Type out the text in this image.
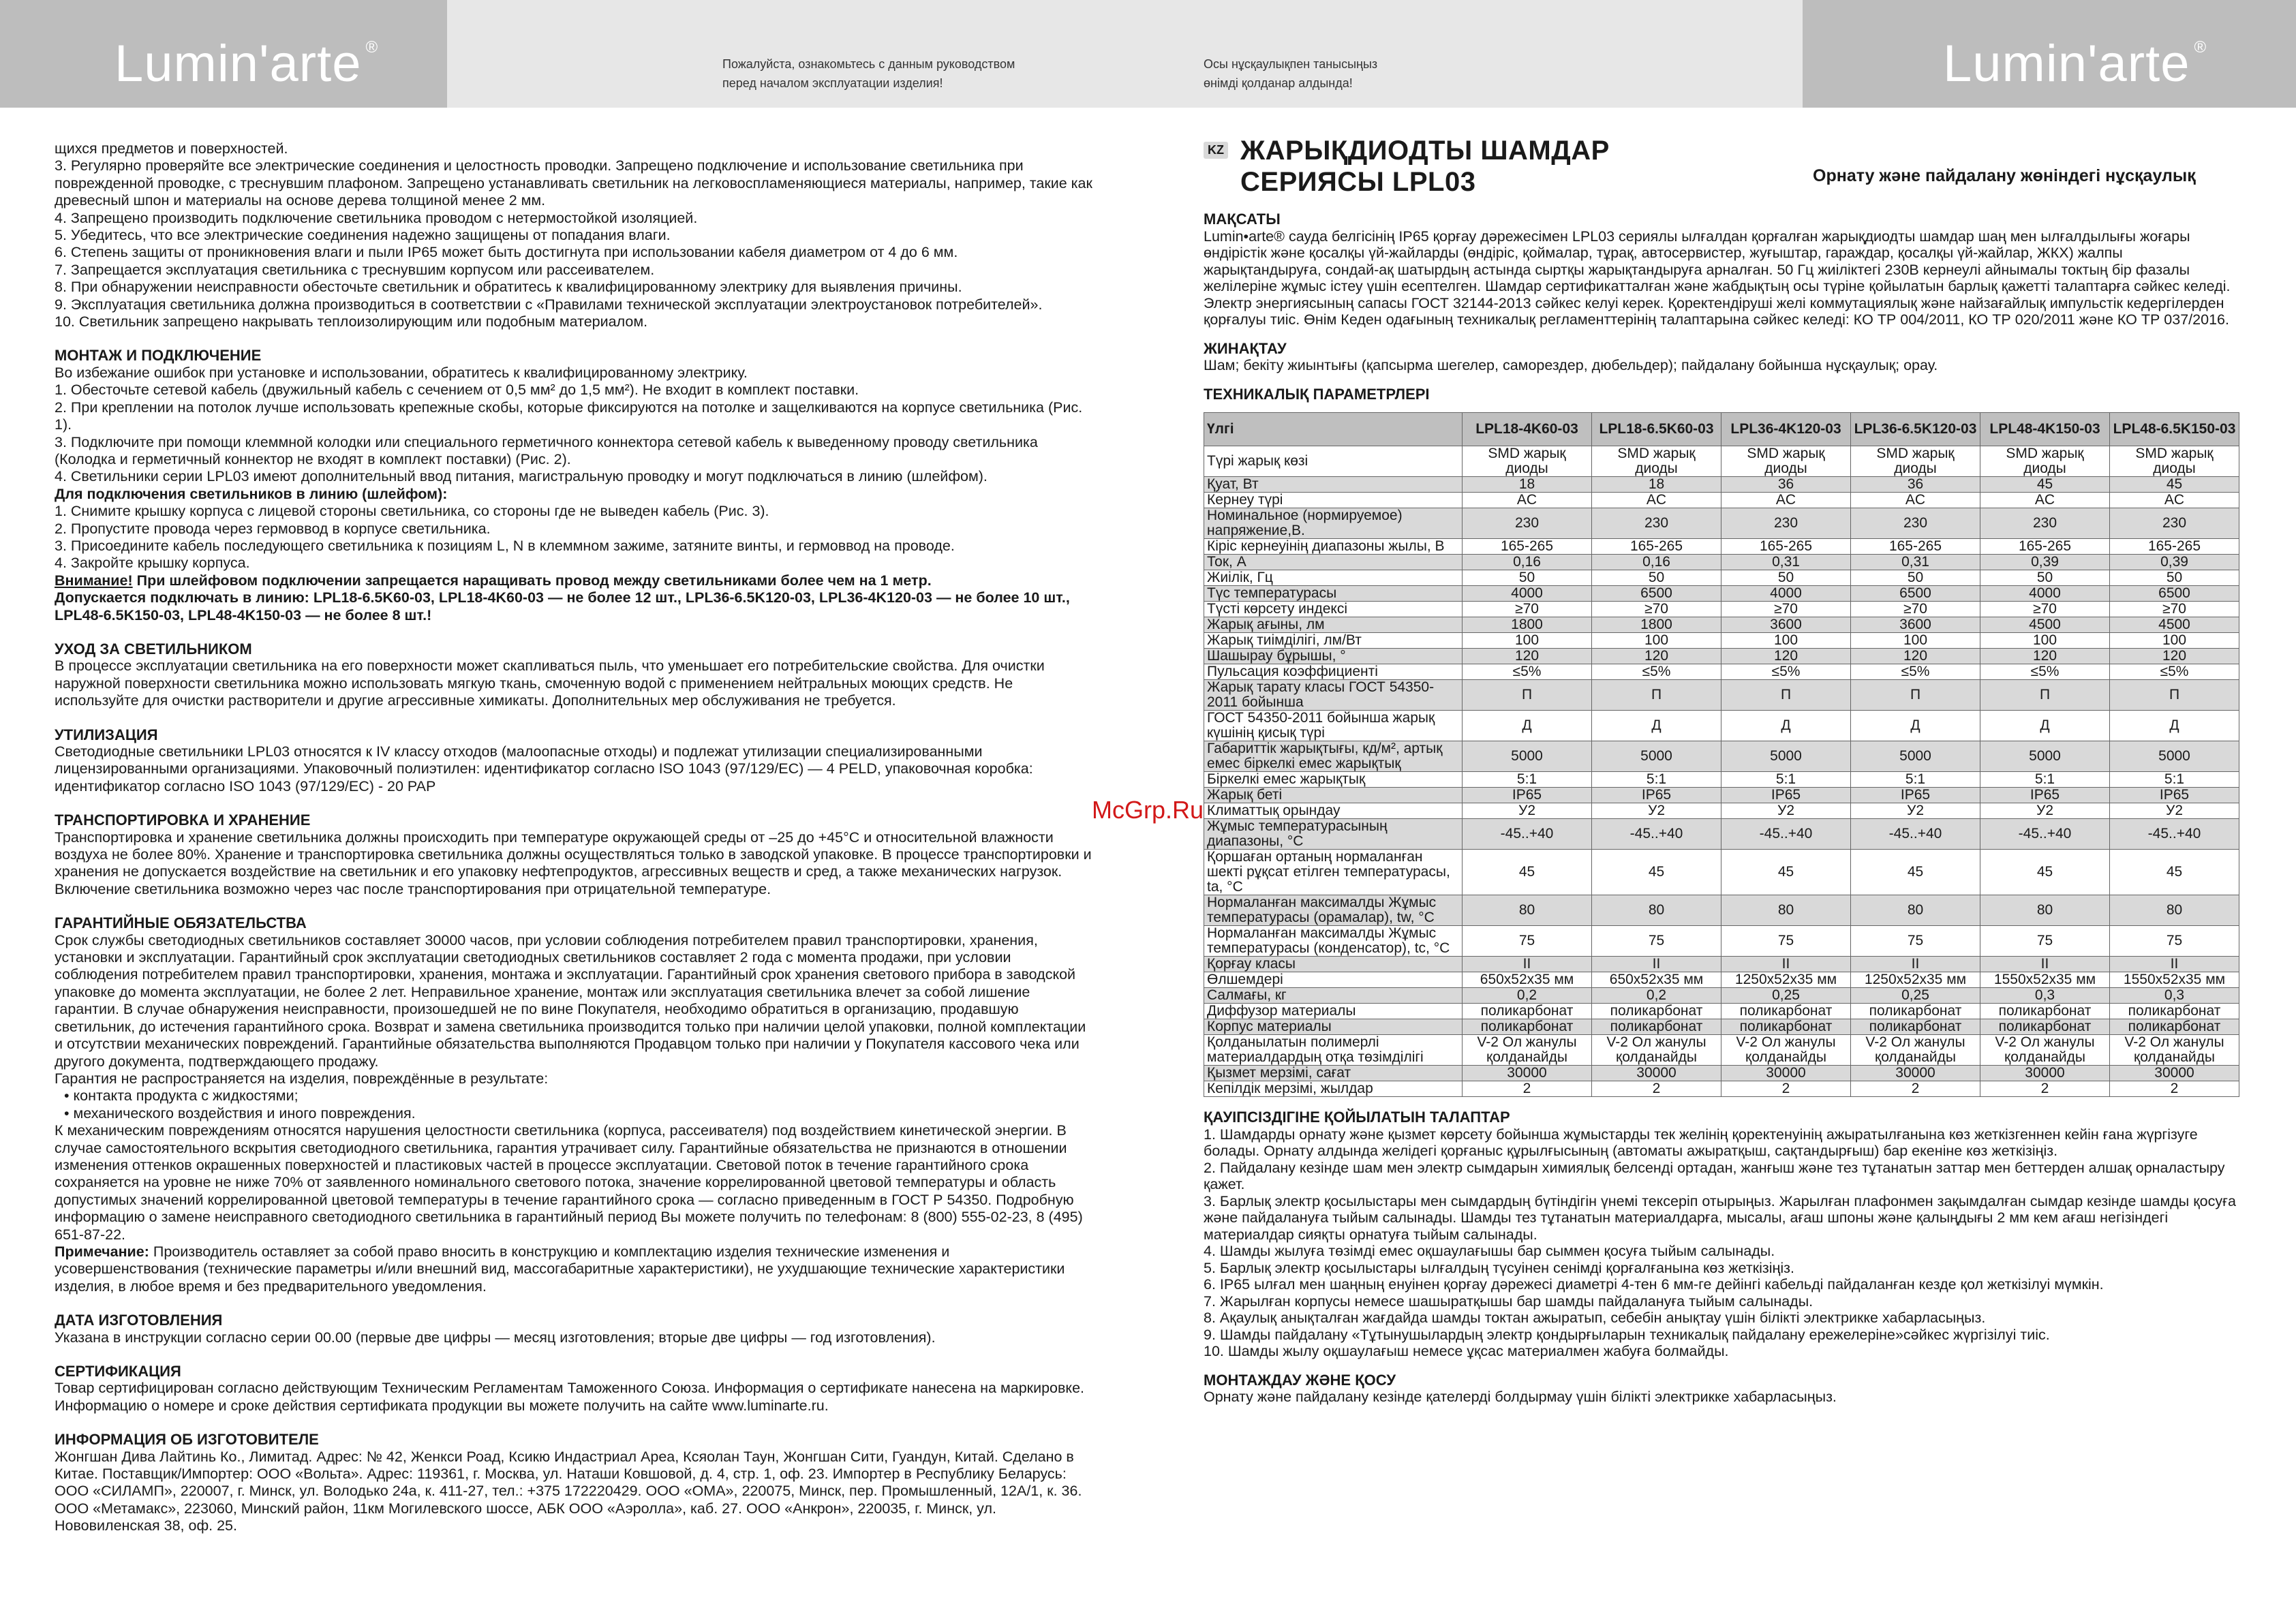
Lumin'arte ®
Пожалуйста, ознакомьтесь с данным руководством
перед началом эксплуатации изделия!
Осы нұсқаулықпен танысыңыз
өнімді қолданар алдында!	Lumin'arte ®

щихся предметов и поверхностей.

3. Регулярно проверяйте все электрические соединения и целостность проводки. Запрещено подключение и использование светильника при поврежденной проводке, с треснувшим плафоном. Запрещено устанавливать светильник на легковоспламеняющиеся материалы, например, такие как древесный шпон и материалы на основе дерева толщиной менее 2 мм.

4. Запрещено производить подключение светильника проводом с нетермостойкой изоляцией.

5. Убедитесь, что все электрические соединения надежно защищены от попадания влаги.

6. Степень защиты от проникновения влаги и пыли IP65 может быть достигнута при использовании кабеля диаметром от 4 до 6 мм.

7. Запрещается эксплуатация светильника с треснувшим корпусом или рассеивателем.

8. При обнаружении неисправности обесточьте светильник и обратитесь к квалифицированному электрику для выявления причины.

9. Эксплуатация светильника должна производиться в соответствии с «Правилами технической эксплуатации электроустановок потребителей».

10. Светильник запрещено накрывать теплоизолирующим или подобным материалом.

МОНТАЖ И ПОДКЛЮЧЕНИЕ

Во избежание ошибок при установке и использовании, обратитесь к квалифицированному электрику.

1. Обесточьте сетевой кабель (двужильный кабель с сечением от 0,5 мм² до 1,5 мм²). Не входит в комплект поставки.

2. При креплении на потолок лучше использовать крепежные скобы, которые фиксируются на потолке и защелкиваются на корпусе светильника (Рис. 1).

3. Подключите при помощи клеммной колодки или специального герметичного коннектора сетевой кабель к выведенному проводу светильника (Колодка и герметичный коннектор не входят в комплект поставки) (Рис. 2).

4. Светильники серии LPL03 имеют дополнительный ввод питания, магистральную проводку и могут подключаться в линию (шлейфом).

Для подключения светильников в линию (шлейфом):

1. Снимите крышку корпуса с лицевой стороны светильника, со стороны где не выведен кабель (Рис. 3).

2. Пропустите провода через гермоввод в корпусе светильника.

3. Присоедините кабель последующего светильника к позициям L, N в клеммном зажиме, затяните винты, и гермоввод на проводе.

4. Закройте крышку корпуса.

Внимание! При шлейфовом подключении запрещается наращивать провод между светильниками более чем на 1 метр.

Допускается подключать в линию: LPL18-6.5K60-03, LPL18-4K60-03 — не более 12 шт., LPL36-6.5K120-03, LPL36-4K120-03 — не более 10 шт., LPL48-6.5K150-03, LPL48-4K150-03 — не более 8 шт.!

УХОД ЗА СВЕТИЛЬНИКОМ

В процессе эксплуатации светильника на его поверхности может скапливаться пыль, что уменьшает его потребительские свойства. Для очистки наружной поверхности светильника можно использовать мягкую ткань, смоченную водой с применением нейтральных моющих средств. Не используйте для очистки растворители и другие агрессивные химикаты. Дополнительных мер обслуживания не требуется.

УТИЛИЗАЦИЯ

Светодиодные светильники LPL03 относятся к IV классу отходов (малоопасные отходы) и подлежат утилизации специализированными лицензированными организациями. Упаковочный полиэтилен: идентификатор согласно ISO 1043 (97/129/EC) — 4 PELD, упаковочная коробка: идентификатор согласно ISO 1043 (97/129/EC) - 20 PAP

ТРАНСПОРТИРОВКА И ХРАНЕНИЕ

Транспортировка и хранение светильника должны происходить при температуре окружающей среды от –25 до +45°С и относительной влажности воздуха не более 80%. Хранение и транспортировка светильника должны осуществляться только в заводской упаковке. В процессе транспортировки и хранения не допускается воздействие на светильник и его упаковку нефтепродуктов, агрессивных веществ и сред, а также механических нагрузок. Включение светильника возможно через час после транспортирования при отрицательной температуре.

ГАРАНТИЙНЫЕ ОБЯЗАТЕЛЬСТВА

Срок службы светодиодных светильников составляет 30000 часов, при условии соблюдения потребителем правил транспортировки, хранения, установки и эксплуатации. Гарантийный срок эксплуатации светодиодных светильников составляет 2 года с момента продажи, при условии соблюдения потребителем правил транспортировки, хранения, монтажа и эксплуатации. Гарантийный срок хранения светового прибора в заводской упаковке до момента эксплуатации, не более 2 лет. Неправильное хранение, монтаж или эксплуатация светильника влечет за собой лишение гарантии. В случае обнаружения неисправности, произошедшей не по вине Покупателя, необходимо обратиться в организацию, продавшую светильник, до истечения гарантийного срока. Возврат и замена светильника производится только при наличии целой упаковки, полной комплектации и отсутствии механических повреждений. Гарантийные обязательства выполняются Продавцом только при наличии у Покупателя кассового чека или другого документа, подтверждающего продажу.

Гарантия не распространяется на изделия, повреждённые в результате:

• контакта продукта с жидкостями;

• механического воздействия и иного повреждения.

К механическим повреждениям относятся нарушения целостности светильника (корпуса, рассеивателя) под воздействием кинетической энергии. В случае самостоятельного вскрытия светодиодного светильника, гарантия утрачивает силу. Гарантийные обязательства не признаются в отношении изменения оттенков окрашенных поверхностей и пластиковых частей в процессе эксплуатации. Световой поток в течение гарантийного срока сохраняется на уровне не ниже 70% от заявленного номинального светового потока, значение коррелированной цветовой температуры и область допустимых значений коррелированной цветовой температуры в течение гарантийного срока — согласно приведенным в ГОСТ Р 54350. Подробную информацию о замене неисправного светодиодного светильника в гарантийный период Вы можете получить по телефонам: 8 (800) 555-02-23, 8 (495) 651-87-22.

Примечание: Производитель оставляет за собой право вносить в конструкцию и комплектацию изделия технические изменения и усовершенствования (технические параметры и/или внешний вид, массогабаритные характеристики), не ухудшающие технические характеристики изделия, в любое время и без предварительного уведомления.

ДАТА ИЗГОТОВЛЕНИЯ

Указана в инструкции согласно серии 00.00 (первые две цифры — месяц изготовления; вторые две цифры — год изготовления).

СЕРТИФИКАЦИЯ

Товар сертифицирован согласно действующим Техническим Регламентам Таможенного Союза. Информация о сертификате нанесена на маркировке. Информацию о номере и сроке действия сертификата продукции вы можете получить на сайте www.luminarte.ru.

ИНФОРМАЦИЯ ОБ ИЗГОТОВИТЕЛЕ

Жонгшан Дива Лайтинь Ко., Лимитад. Адрес: № 42, Женкси Роад, Ксикю Индастриал Ареа, Ксяолан Таун, Жонгшан Сити, Гуандун, Китай. Сделано в Китае. Поставщик/Импортер: ООО «Вольта». Адрес: 119361, г. Москва, ул. Наташи Ковшовой, д. 4, стр. 1, оф. 23. Импортер в Республику Беларусь: ООО «СИЛАМП», 220007, г. Минск, ул. Володько 24а, к. 411-27, тел.: +375 172220429. ООО «ОМА», 220075, Минск, пер. Промышленный, 12А/1, к. 36. ООО «Метамакс», 223060, Минский район, 11км Могилевского шоссе, АБК ООО «Аэролла», каб. 27. ООО «Анкрон», 220035, г. Минск, ул. Нововиленская 38, оф. 25.

McGrp.Ru
KZ ЖАРЫҚДИОДТЫ ШАМДАР
СЕРИЯСЫ LPL03	Орнату және пайдалану жөніндегі нұсқаулық

МАҚСАТЫ

Lumin•arte® сауда белгісінің IP65 қорғау дәрежесімен LPL03 сериялы ылғалдан қорғалған жарықдиодты шамдар шаң мен ылғалдылығы жоғары өндірістік және қосалқы үй-жайларды (өндіріс, қоймалар, тұрақ, автосервистер, жуғыштар, гараждар, қосалқы үй-жайлар, ЖКХ) жалпы жарықтандыруға, сондай-ақ шатырдың астында сыртқы жарықтандыруға арналған. 50 Гц жиіліктегі 230В кернеулі айнымалы токтың бір фазалы желілеріне жұмыс істеу үшін есептелген. Шамдар сертификатталған және жабдықтың осы түріне қойылатын барлық қажетті талаптарға сәйкес келеді. Электр энергиясының сапасы ГОСТ 32144-2013 сәйкес келуі керек. Қоректендіруші желі коммутациялық және найзағайлық импульстік кедергілерден қорғалуы тиіс. Өнім Кеден одағының техникалық регламенттерінің талаптарына сәйкес келеді: КО ТР 004/2011, КО ТР 020/2011 және КО ТР 037/2016.

ЖИНАҚТАУ

Шам; бекіту жиынтығы (қапсырма шегелер, саморездер, дюбельдер); пайдалану бойынша нұсқаулық; орау.

ТЕХНИКАЛЫҚ ПАРАМЕТРЛЕРІ

Үлгі	LPL18-4K60-03	LPL18-6.5K60-03	LPL36-4K120-03	LPL36-6.5K120-03	LPL48-4K150-03	LPL48-6.5K150-03
Түрі жарық көзі	SMD жарық диоды	SMD жарық диоды	SMD жарық диоды	SMD жарық диоды	SMD жарық диоды	SMD жарық диоды
Қуат, Вт	18	18	36	36	45	45
Кернеу түрі	AC	AC	AC	AC	AC	AC
Номинальное (нормируемое) напряжение,В.	230	230	230	230	230	230
Кіріс кернеуінің диапазоны жылы, В	165-265	165-265	165-265	165-265	165-265	165-265
Ток, А	0,16	0,16	0,31	0,31	0,39	0,39
Жиілік, Гц	50	50	50	50	50	50
Түс температурасы	4000	6500	4000	6500	4000	6500
Түсті көрсету индексі	≥70	≥70	≥70	≥70	≥70	≥70
Жарық ағыны, лм	1800	1800	3600	3600	4500	4500
Жарық тиімділігі, лм/Вт	100	100	100	100	100	100
Шашырау бұрышы, °	120	120	120	120	120	120
Пульсация коэффициенті	≤5%	≤5%	≤5%	≤5%	≤5%	≤5%
Жарық тарату класы ГОСТ 54350-2011 бойынша	П	П	П	П	П	П
ГОСТ 54350-2011 бойынша жарық күшінің қисық түрі	Д	Д	Д	Д	Д	Д
Габариттік жарықтығы, кд/м², артық емес біркелкі емес жарықтық	5000	5000	5000	5000	5000	5000
Біркелкі емес жарықтық	5:1	5:1	5:1	5:1	5:1	5:1
Жарық беті	IP65	IP65	IP65	IP65	IP65	IP65
Климаттық орындау	У2	У2	У2	У2	У2	У2
Жұмыс температурасының диапазоны, °С	-45..+40	-45..+40	-45..+40	-45..+40	-45..+40	-45..+40
Қоршаған ортаның нормаланған шекті рұқсат етілген температурасы, ta, °С	45	45	45	45	45	45
Нормаланған максималды Жұмыс температурасы (орамалар), tw, °С	80	80	80	80	80	80
Нормаланған максималды Жұмыс температурасы (конденсатор), tc, °С	75	75	75	75	75	75
Қорғау класы	II	II	II	II	II	II
Өлшемдері	650x52x35 мм	650x52x35 мм	1250x52x35 мм	1250x52x35 мм	1550x52x35 мм	1550x52x35 мм
Салмағы, кг	0,2	0,2	0,25	0,25	0,3	0,3
Диффузор материалы	поликарбонат	поликарбонат	поликарбонат	поликарбонат	поликарбонат	поликарбонат
Корпус материалы	поликарбонат	поликарбонат	поликарбонат	поликарбонат	поликарбонат	поликарбонат
Қолданылатын полимерлі материалдардың отқа төзімділігі	V-2 Ол жанулы қолданайды	V-2 Ол жанулы қолданайды	V-2 Ол жанулы қолданайды	V-2 Ол жанулы қолданайды	V-2 Ол жанулы қолданайды	V-2 Ол жанулы қолданайды
Қызмет мерзімі, сағат	30000	30000	30000	30000	30000	30000
Кепілдік мерзімі, жылдар	2	2	2	2	2	2

ҚАУІПСІЗДІГІНЕ ҚОЙЫЛАТЫН ТАЛАПТАР

1. Шамдарды орнату және қызмет көрсету бойынша жұмыстарды тек желінің қоректенуінің ажыратылғанына көз жеткізгеннен кейін ғана жүргізуге болады. Орнату алдында желідегі қорғаныс құрылғысының (автоматы ажыратқыш, сақтандырғыш) бар екеніне көз жеткізіңіз.

2. Пайдалану кезінде шам мен электр сымдарын химиялық белсенді ортадан, жанғыш және тез тұтанатын заттар мен беттерден алшақ орналастыру қажет.

3. Барлық электр қосылыстары мен сымдардың бүтіндігін үнемі тексеріп отырыңыз. Жарылған плафонмен зақымдалған сымдар кезінде шамды қосуға және пайдалануға тыйым салынады. Шамды тез тұтанатын материалдарға, мысалы, ағаш шпоны және қалыңдығы 2 мм кем ағаш негізіндегі материалдар сияқты орнатуға тыйым салынады.

4. Шамды жылуға төзімді емес оқшаулағышы бар сыммен қосуға тыйым салынады.

5. Барлық электр қосылыстары ылғалдың түсуінен сенімді қорғалғанына көз жеткізіңіз.

6. IP65 ылғал мен шаңның енуінен қорғау дәрежесі диаметрі 4-тен 6 мм-ге дейінгі кабельді пайдаланған кезде қол жеткізілуі мүмкін.

7. Жарылған корпусы немесе шашыратқышы бар шамды пайдалануға тыйым салынады.

8. Ақаулық анықталған жағдайда шамды токтан ажыратып, себебін анықтау үшін білікті электрикке хабарласыңыз.

9. Шамды пайдалану «Тұтынушылардың электр қондырғыларын техникалық пайдалану ережелеріне»сәйкес жүргізілуі тиіс.

10. Шамды жылу оқшаулағыш немесе ұқсас материалмен жабуға болмайды.

МОНТАЖДАУ ЖӘНЕ ҚОСУ

Орнату және пайдалану кезінде қателерді болдырмау үшін білікті электрикке хабарласыңыз.
